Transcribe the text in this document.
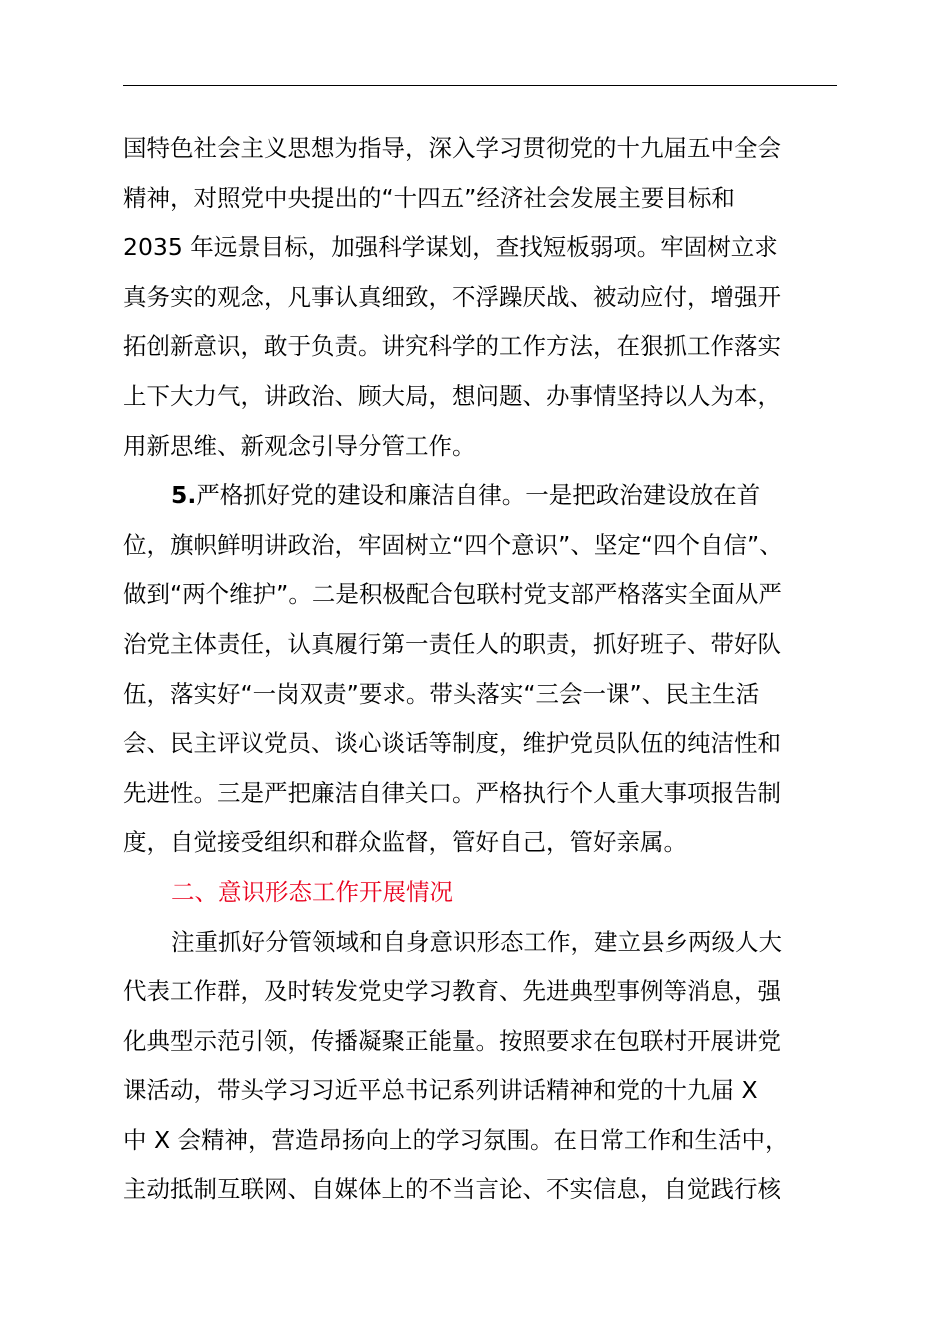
国特色社会主义思想为指导，深入学习贯彻党的十九届五中全会
精神，对照党中央提出的“十四五”经济社会发展主要目标和
2035 年远景目标，加强科学谋划，查找短板弱项。牢固树立求
真务实的观念，凡事认真细致，不浮躁厌战、被动应付，增强开
拓创新意识，敢于负责。讲究科学的工作方法，在狠抓工作落实
上下大力气，讲政治、顾大局，想问题、办事情坚持以人为本，
用新思维、新观念引导分管工作。
5.严格抓好党的建设和廉洁自律。一是把政治建设放在首
位，旗帜鲜明讲政治，牢固树立“四个意识”、坚定“四个自信”、
做到“两个维护”。二是积极配合包联村党支部严格落实全面从严
治党主体责任，认真履行第一责任人的职责，抓好班子、带好队
伍，落实好“一岗双责”要求。带头落实“三会一课”、民主生活
会、民主评议党员、谈心谈话等制度，维护党员队伍的纯洁性和
先进性。三是严把廉洁自律关口。严格执行个人重大事项报告制
度，自觉接受组织和群众监督，管好自己，管好亲属。
二、意识形态工作开展情况
注重抓好分管领域和自身意识形态工作，建立县乡两级人大
代表工作群，及时转发党史学习教育、先进典型事例等消息，强
化典型示范引领，传播凝聚正能量。按照要求在包联村开展讲党
课活动，带头学习习近平总书记系列讲话精神和党的十九届 X
中 X 会精神，营造昂扬向上的学习氛围。在日常工作和生活中，
主动抵制互联网、自媒体上的不当言论、不实信息，自觉践行核
